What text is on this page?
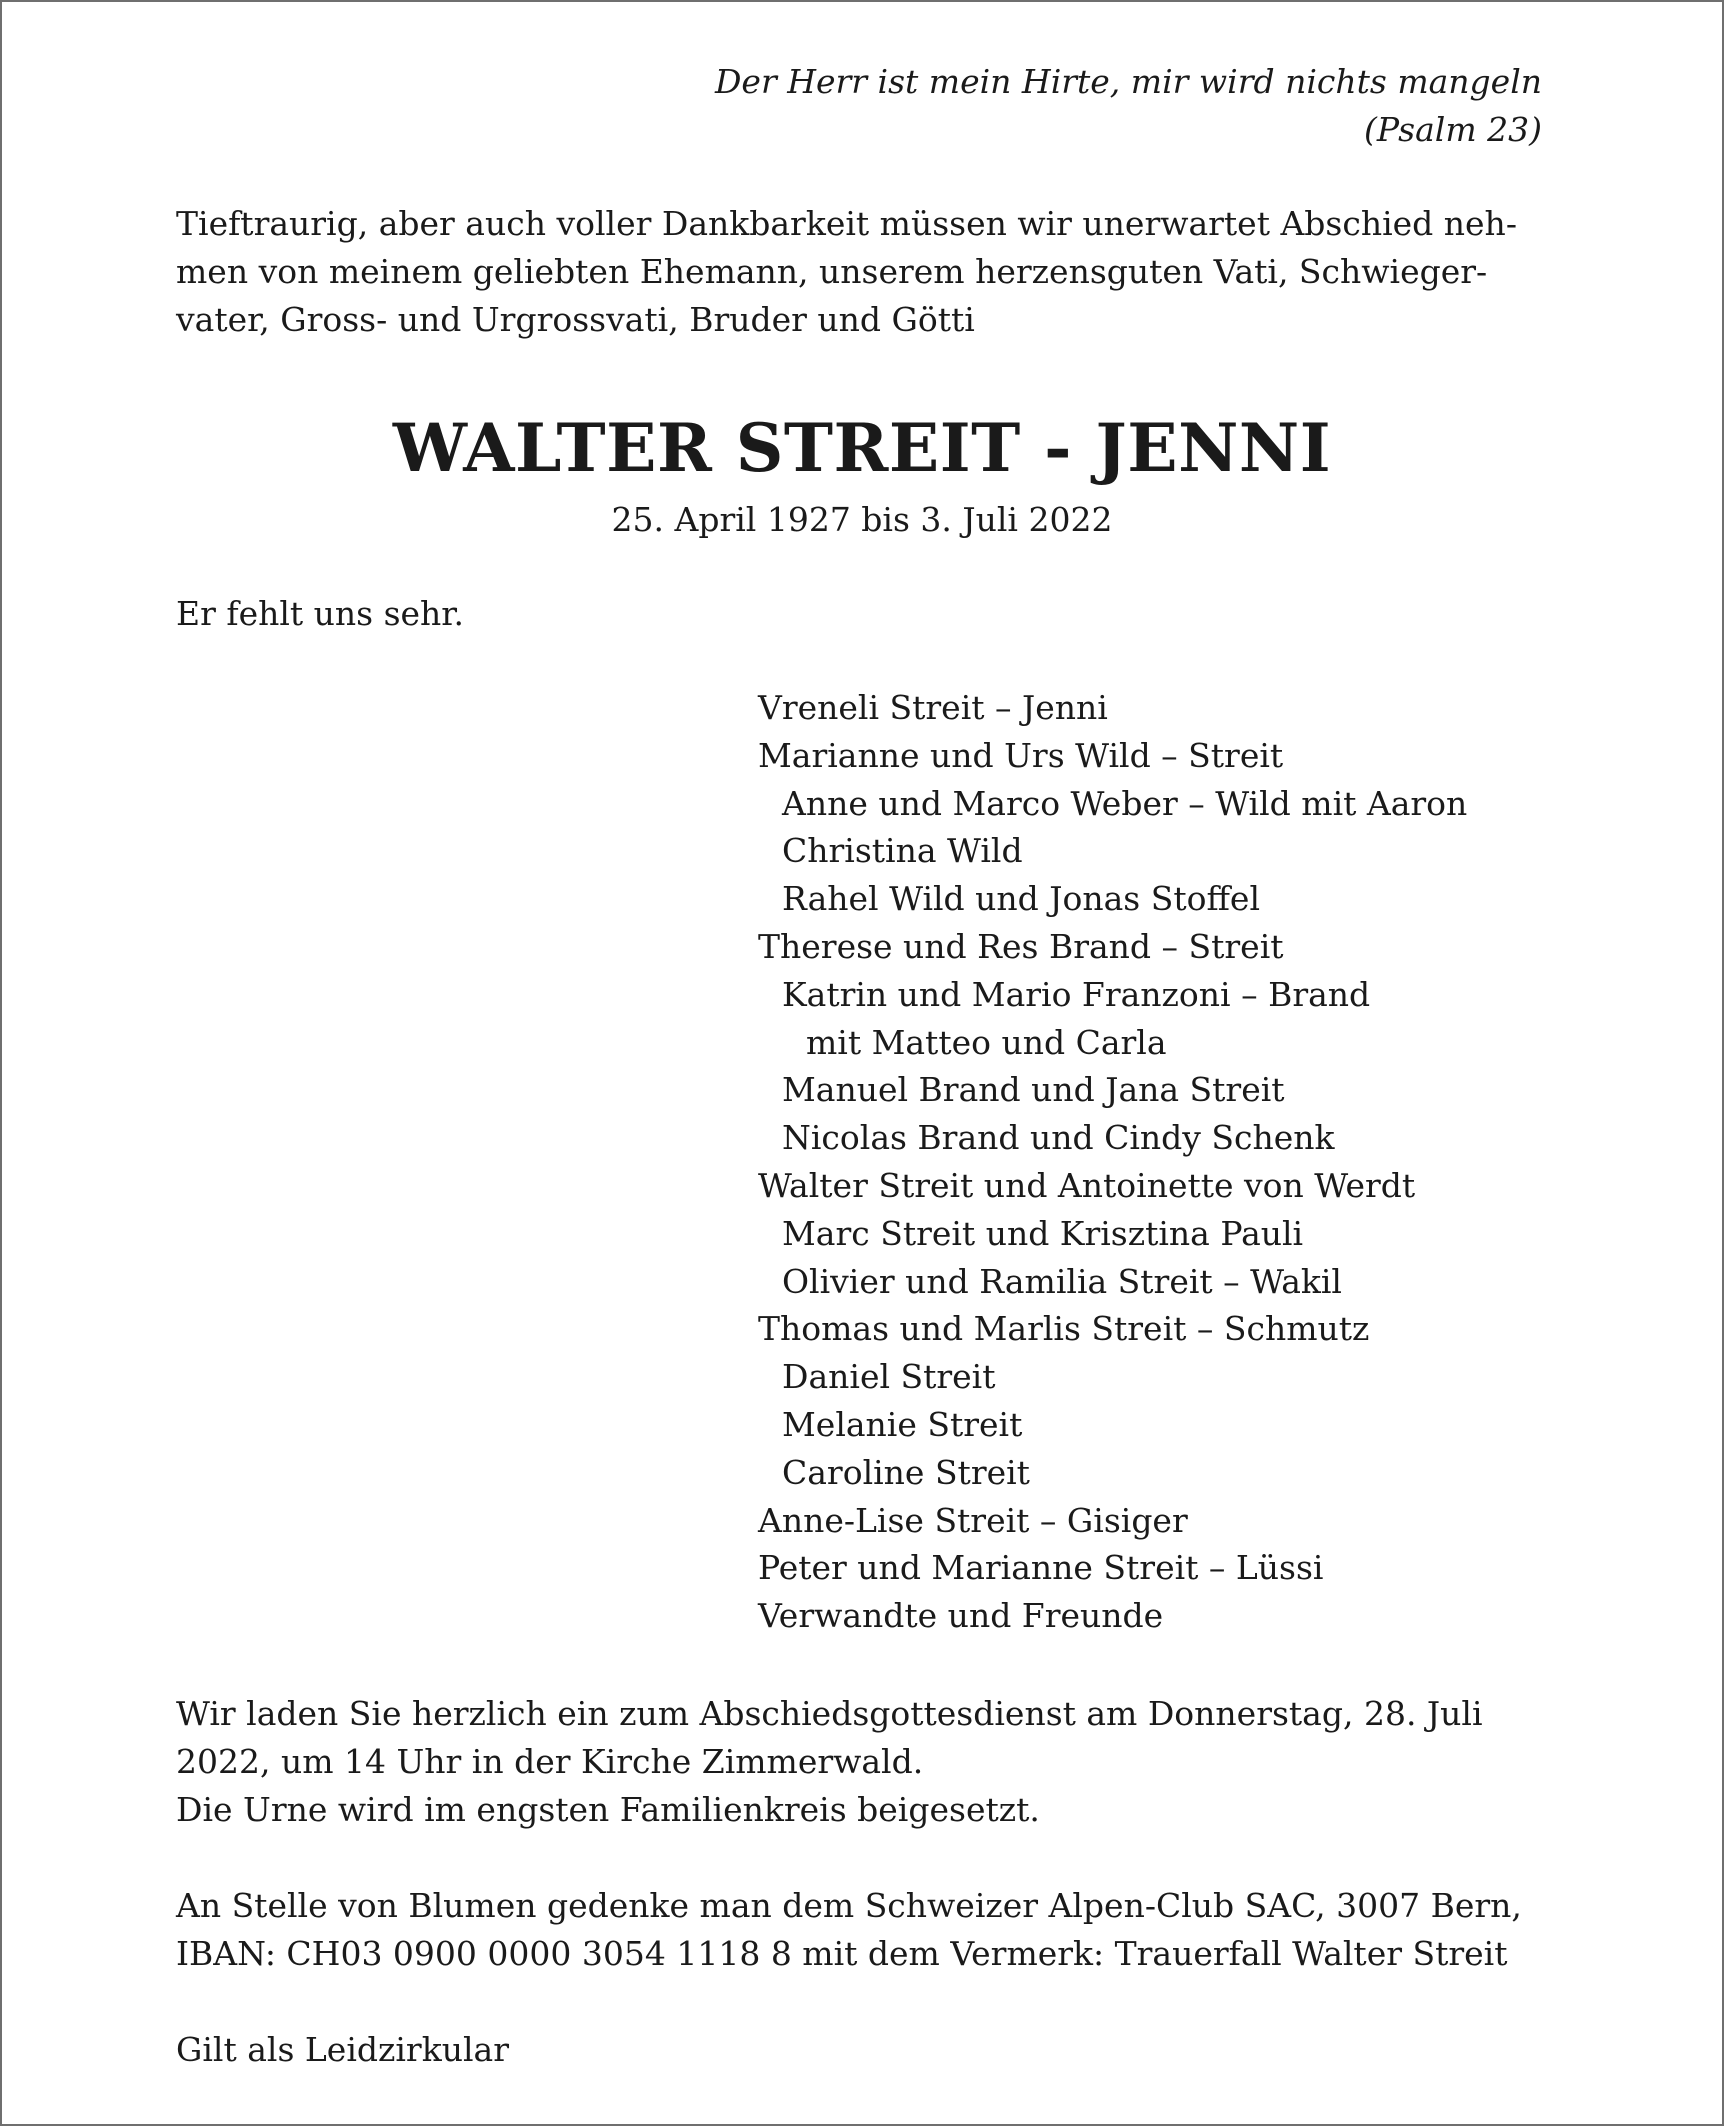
Der Herr ist mein Hirte, mir wird nichts mangeln
(Psalm 23)
Tieftraurig, aber auch voller Dankbarkeit müssen wir unerwartet Abschied neh-
men von meinem geliebten Ehemann, unserem herzensguten Vati, Schwieger-
vater, Gross- und Urgrossvati, Bruder und Götti
WALTER STREIT - JENNI
25. April 1927 bis 3. Juli 2022
Er fehlt uns sehr.
Vreneli Streit – Jenni
Marianne und Urs Wild – Streit
Anne und Marco Weber – Wild mit Aaron
Christina Wild
Rahel Wild und Jonas Stoffel
Therese und Res Brand – Streit
Katrin und Mario Franzoni – Brand
mit Matteo und Carla
Manuel Brand und Jana Streit
Nicolas Brand und Cindy Schenk
Walter Streit und Antoinette von Werdt
Marc Streit und Krisztina Pauli
Olivier und Ramilia Streit – Wakil
Thomas und Marlis Streit – Schmutz
Daniel Streit
Melanie Streit
Caroline Streit
Anne-Lise Streit – Gisiger
Peter und Marianne Streit – Lüssi
Verwandte und Freunde
Wir laden Sie herzlich ein zum Abschiedsgottesdienst am Donnerstag, 28. Juli
2022, um 14 Uhr in der Kirche Zimmerwald.
Die Urne wird im engsten Familienkreis beigesetzt.
An Stelle von Blumen gedenke man dem Schweizer Alpen-Club SAC, 3007 Bern,
IBAN: CH03 0900 0000 3054 1118 8 mit dem Vermerk: Trauerfall Walter Streit
Gilt als Leidzirkular
